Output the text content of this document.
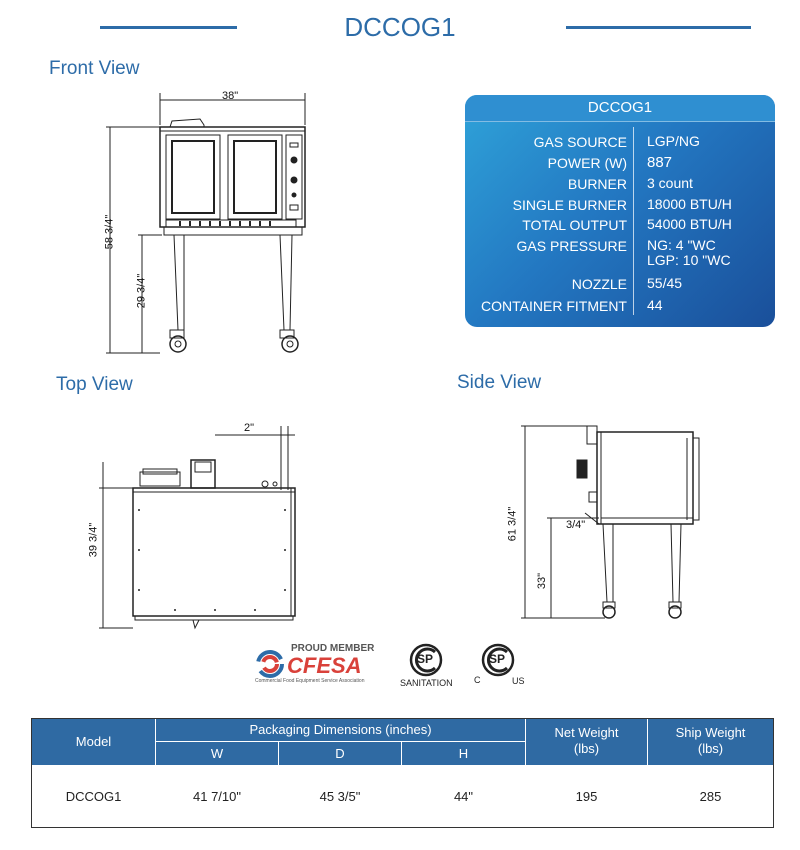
DCCOG1
Front View
Top View	Side View
38"
58 3/4"
29 3/4"
DCCOG1
GAS SOURCE LGP/NG
POWER (W) 887
BURNER 3 count
SINGLE BURNER 18000 BTU/H
TOTAL OUTPUT 54000 BTU/H
GAS PRESSURE NG: 4 "WC
LGP: 10 "WC
NOZZLE 55/45
CONTAINER FITMENT 44
2"
39 3/4"	61 3/4"	3/4"
33"
PROUD MEMBER
CFESA
Commercial Food Equipment Service Association
SP
SANITATION
SP
C	US
Model
Packaging Dimensions (inches)
W	D	H
Net Weight
(lbs)
Ship Weight
(lbs)
DCCOG1	41 7/10"	45 3/5"	44"	195	285
